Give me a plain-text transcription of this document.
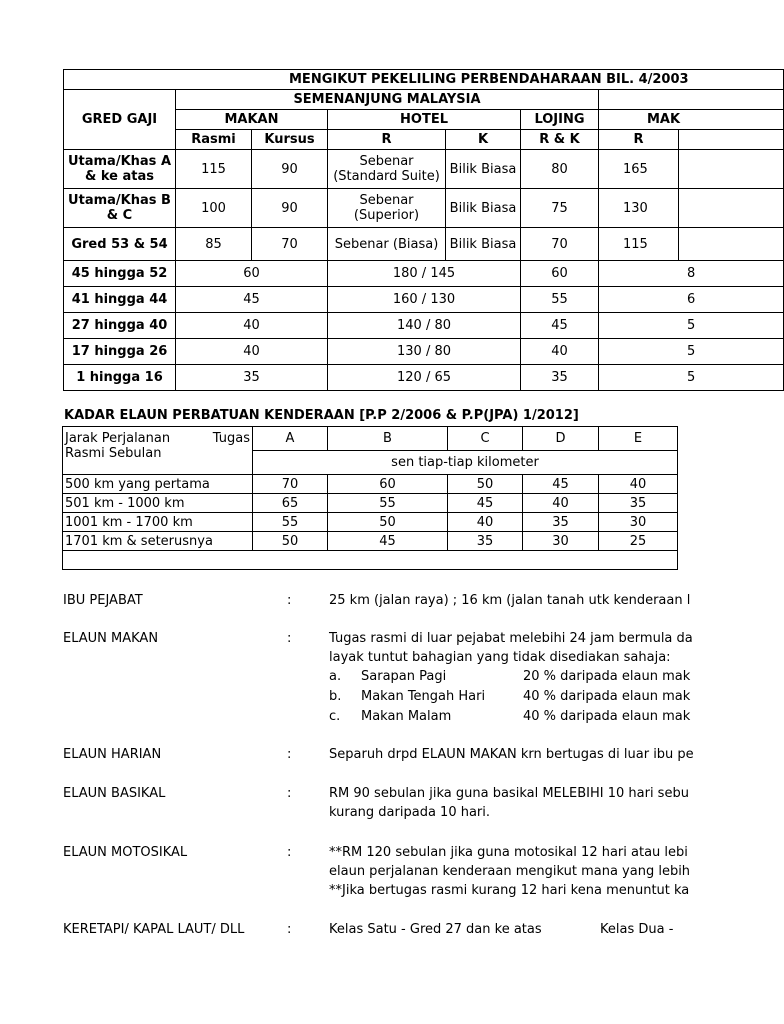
MENGIKUT PEKELILING PERBENDAHARAAN BIL. 4/2003							
GRED GAJI	SEMENANJUNG MALAYSIA						
	MAKAN		HOTEL		LOJING	MAK	
	Rasmi	Kursus	R	K	R & K	R	
Utama/Khas A & ke atas	115	90	Sebenar (Standard Suite)	Bilik Biasa	80	165	
Utama/Khas B & C	100	90	Sebenar (Superior)	Bilik Biasa	75	130	
Gred 53 & 54	85	70	Sebenar (Biasa)	Bilik Biasa	70	115	
45 hingga 52	60		180 / 145		60	8	
41 hingga 44	45		160 / 130		55	6	
27 hingga 40	40		140 / 80		45	5	
17 hingga 26	40		130 / 80		40	5	
1 hingga 16	35		120 / 65		35	5	
KADAR ELAUN PERBATUAN KENDERAAN [P.P 2/2006 & P.P(JPA) 1/2012]
Jarak Perjalanan Tugas

Rasmi Sebulan	A	B	C	D	E
	sen tiap-tiap kilometer				
500 km yang pertama	70	60	50	45	40
501 km - 1000 km	65	55	45	40	35
1001 km - 1700 km	55	50	40	35	30
1701 km & seterusnya	50	45	35	30	25

IBU PEJABAT	:	25 km (jalan raya) ; 16 km (jalan tanah utk kenderaan l
ELAUN MAKAN	:	Tugas rasmi di luar pejabat melebihi 24 jam bermula da
layak tuntut bahagian yang tidak disediakan sahaja:
a. Sarapan Pagi	20 % daripada elaun mak
b. Makan Tengah Hari	40 % daripada elaun mak
c. Makan Malam	40 % daripada elaun mak
ELAUN HARIAN	:	Separuh drpd ELAUN MAKAN krn bertugas di luar ibu pe
ELAUN BASIKAL	:	RM 90 sebulan jika guna basikal MELEBIHI 10 hari sebu
kurang daripada 10 hari.
ELAUN MOTOSIKAL	:	**RM 120 sebulan jika guna motosikal 12 hari atau lebi
elaun perjalanan kenderaan mengikut mana yang lebih
**Jika bertugas rasmi kurang 12 hari kena menuntut ka
KERETAPI/ KAPAL LAUT/ DLL	:	Kelas Satu - Gred 27 dan ke atas	Kelas Dua -
